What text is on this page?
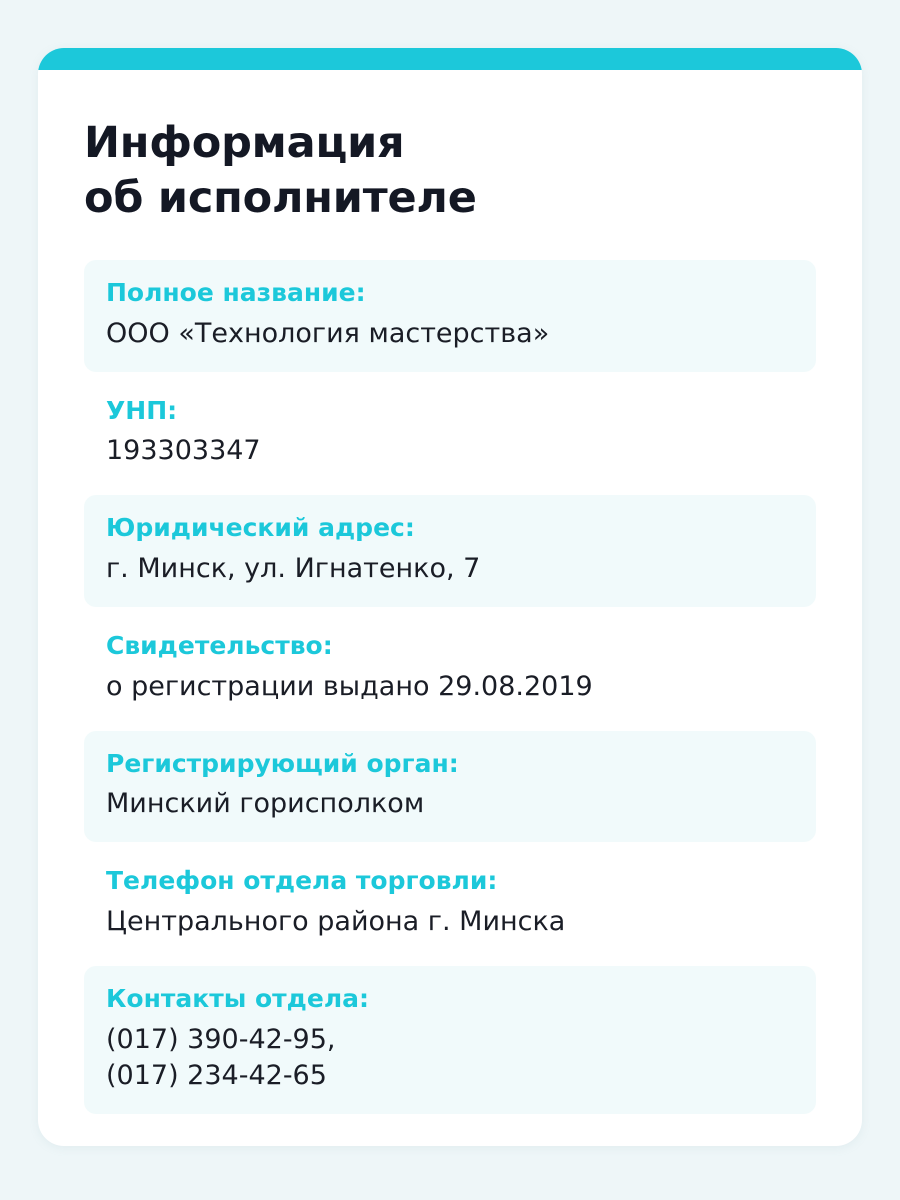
Информация
об исполнителе
Полное название:
ООО «Технология мастерства»
УНП:
193303347
Юридический адрес:
г. Минск, ул. Игнатенко, 7
Свидетельство:
о регистрации выдано 29.08.2019
Регистрирующий орган:
Минский горисполком
Телефон отдела торговли:
Центрального района г. Минска
Контакты отдела:
(017) 390-42-95,
(017) 234-42-65
